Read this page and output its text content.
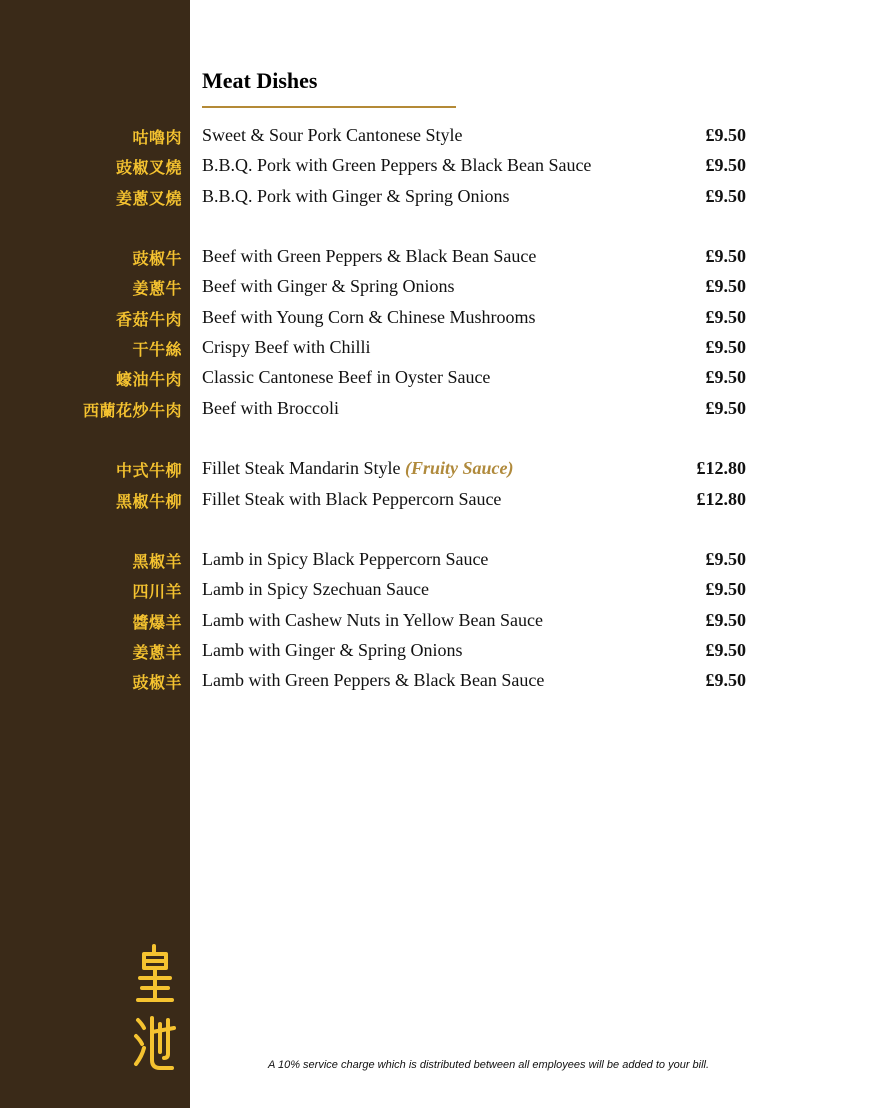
Meat Dishes
咕嚕肉 Sweet & Sour Pork Cantonese Style	£9.50
豉椒叉燒 B.B.Q. Pork with Green Peppers & Black Bean Sauce	£9.50
姜蔥叉燒 B.B.Q. Pork with Ginger & Spring Onions	£9.50
豉椒牛 Beef with Green Peppers & Black Bean Sauce	£9.50
姜蔥牛 Beef with Ginger & Spring Onions	£9.50
香菇牛肉 Beef with Young Corn & Chinese Mushrooms	£9.50
干牛絲 Crispy Beef with Chilli	£9.50
蠔油牛肉 Classic Cantonese Beef in Oyster Sauce	£9.50
西蘭花炒牛肉 Beef with Broccoli	£9.50
中式牛柳 Fillet Steak Mandarin Style (Fruity Sauce)	£12.80
黑椒牛柳 Fillet Steak with Black Peppercorn Sauce	£12.80
黑椒羊 Lamb in Spicy Black Peppercorn Sauce	£9.50
四川羊 Lamb in Spicy Szechuan Sauce	£9.50
醬爆羊 Lamb with Cashew Nuts in Yellow Bean Sauce	£9.50
姜蔥羊 Lamb with Ginger & Spring Onions	£9.50
豉椒羊 Lamb with Green Peppers & Black Bean Sauce	£9.50
A 10% service charge which is distributed between all employees will be added to your bill.
